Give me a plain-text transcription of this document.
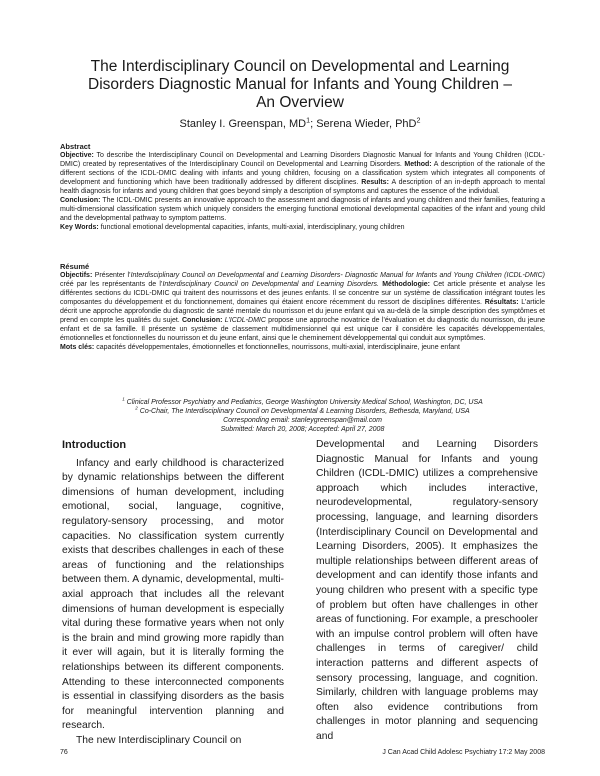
The Interdisciplinary Council on Developmental and Learning
Disorders Diagnostic Manual for Infants and Young Children –
An Overview
Stanley I. Greenspan, $MD^1$; Serena Wieder, PhD$^2$
Abstract

Objective: To describe the Interdisciplinary Council on Developmental and Learning Disorders Diagnostic Manual for Infants and Young Children (ICDL-DMIC) created by representatives of the Interdisciplinary Council on Developmental and Learning Disorders. Method: A description of the rationale of the different sections of the ICDL-DMIC dealing with infants and young children, focusing on a classification system which integrates all components of development and functioning which have been traditionally addressed by different disciplines. Results: A description of an in-depth approach to mental health diagnosis for infants and young children that goes beyond simply a description of symptoms and captures the essence of the individual.
Conclusion: The ICDL-DMIC presents an innovative approach to the assessment and diagnosis of infants and young children and their families, featuring a multi-dimensional classification system which uniquely considers the emerging functional emotional developmental capacities of the infant and young child and the developmental pathway to symptom patterns.
Key Words: functional emotional developmental capacities, infants, multi-axial, interdisciplinary, young children

Résumé

Objectifs: Présenter l’Interdisciplinary Council on Developmental and Learning Disorders- Diagnostic Manual for Infants and Young Children (ICDL-DMIC) créé par les représentants de l’Interdisciplinary Council on Developmental and Learning Disorders. Méthodologie: Cet article présente et analyse les différentes sections du ICDL-DMIC qui traitent des nourrissons et des jeunes enfants. Il se concentre sur un système de classification intégrant toutes les composantes du développement et du fonctionnement, domaines qui étaient encore récemment du ressort de disciplines différentes. Résultats: L’article décrit une approche approfondie du diagnostic de santé mentale du nourrisson et du jeune enfant qui va au-delà de la simple description des symptômes et prend en compte les qualités du sujet. Conclusion: L’ICDL-DMIC propose une approche novatrice de l’évaluation et du diagnostic du nourrisson, du jeune enfant et de sa famille. Il présente un système de classement multidimensionnel qui est unique car il considère les capacités développementales, émotionnelles et fonctionnelles du nourrisson et du jeune enfant, ainsi que le cheminement développemental qui conduit aux symptômes.
Mots clés: capacités développementales, émotionnelles et fonctionnelles, nourrissons, multi-axial, interdisciplinaire, jeune enfant

$^1$ Clinical Professor Psychiatry and Pediatrics, George Washington University Medical School, Washington, DC, USA
$^2$ Co-Chair, The Interdisciplinary Council on Developmental & Learning Disorders, Bethesda, Maryland, USA
Corresponding email: stanleygreenspan@mail.com
Submitted: March 20, 2008; Accepted: April 27, 2008
Introduction

Infancy and early childhood is characterized by dynamic relationships between the different dimensions of human development, including emotional, social, language, cognitive, regulatory-sensory processing, and motor capacities. No classification system currently exists that describes challenges in each of these areas of functioning and the relationships between them. A dynamic, developmental, multi-axial approach that includes all the relevant dimensions of human development is especially vital during these formative years when not only is the brain and mind growing more rapidly than it ever will again, but it is literally forming the relationships between its different components. Attending to these interconnected components is essential in classifying disorders as the basis for meaningful intervention planning and research.

The new Interdisciplinary Council on

Developmental and Learning Disorders Diagnostic Manual for Infants and young Children (ICDL-DMIC) utilizes a comprehensive approach which includes interactive, neurodevelopmental, regulatory-sensory processing, language, and learning disorders (Interdisciplinary Council on Developmental and Learning Disorders, 2005). It emphasizes the multiple relationships between different areas of development and can identify those infants and young children who present with a specific type of problem but often have challenges in other areas of functioning. For example, a preschooler with an impulse control problem will often have challenges in terms of caregiver/ child interaction patterns and different aspects of sensory processing, language, and cognition. Similarly, children with language problems may often also evidence contributions from challenges in motor planning and sequencing and

76	J Can Acad Child Adolesc Psychiatry 17:2 May 2008
